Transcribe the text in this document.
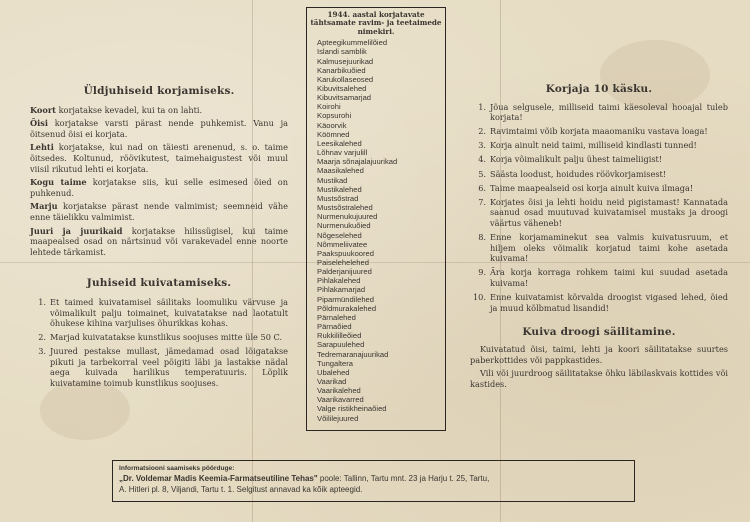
Üldjuhiseid korjamiseks.
Koort korjatakse kevadel, kui ta on lahti.
Õisi korjatakse varsti pärast nende puhkemist. Vanu ja õitsenud õisi ei korjata.
Lehti korjatakse, kui nad on täiesti arenenud, s. o. taime õitsedes. Koltunud, röövikutest, taimehaigustest või muul viisil rikutud lehti ei korjata.
Kogu taime korjatakse siis, kui selle esimesed õied on puhkenud.
Marju korjatakse pärast nende valmimist; seemneid vähe enne täielikku valmimist.
Juuri ja juurikaid korjatakse hilissügisel, kui taime maapealsed osad on närtsinud või varakevadel enne noorte lehtede tärkamist.
Juhiseid kuivatamiseks.
1. Et taimed kuivatamisel säilitaks loomuliku värvuse ja võimalikult palju toimainet, kuivatatakse nad laotatult õhukese kihina varjulises õhurikkas kohas.
2. Marjad kuivatatakse kunstlikus soojuses mitte üle 50 C.
3. Juured pestakse mullast, jämedamad osad lõigatakse pikuti ja tarbekorral veel põigiti läbi ja lastakse nädal aega kuivada harilikus temperatuuris. Lõplik kuivatamine toimub kunstlikus soojuses.
1944. aastal korjatavate tähtsamate ravim- ja teetaimede nimekiri.
Apteegikummelilõied
Islandi samblik
Kalmusejuurikad
Kanarbikuõied
Karukollaseosed
Kibuvitsalehed
Kibuvitsamarjad
Koirohi
Kopsurohi
Käoorvik
Köömned
Leesikalehed
Lõhnav varjulill
Maarja sõnajalajuurikad
Maasikalehed
Mustikad
Mustikalehed
Mustsõstrad
Mustsõstralehed
Nurmenukujuured
Nurmenukuõied
Nõgeselehed
Nõmmeliivatee
Paakspuukoored
Paiselehelehed
Palderjanijuured
Pihlakalehed
Pihlakamarjad
Piparmündilehed
Põldmurakalehed
Pärnalehed
Pärnaõied
Rukkililleõied
Sarapuulehed
Tedremaranajuurikad
Tungaltera
Ubalehed
Vaarikad
Vaarikalehed
Vaarikavarred
Valge ristikheinaõied
Võililejuured
Korjaja 10 käsku.
1. Jõua selgusele, milliseid taimi käesoleval hooajal tuleb korjata!
2. Ravimtaimi võib korjata maaomaniku vastava loaga!
3. Korja ainult neid taimi, milliseid kindlasti tunned!
4. Korja võimalikult palju ühest taimeliigist!
5. Säästa loodust, hoidudes röövkorjamisest!
6. Taime maapealseid osi korja ainult kuiva ilmaga!
7. Korjates õisi ja lehti hoidu neid pigistamast! Kannatada saanud osad muutuvad kuivatamisel mustaks ja droogi väärtus väheneb!
8. Enne korjamaminekut sea valmis kuivatusruum, et hiljem oleks võimalik korjatud taimi kohe asetada kuivama!
9. Ära korja korraga rohkem taimi kui suudad asetada kuivama!
10. Enne kuivatamist kõrvalda droogist vigased lehed, õied ja muud kõlbmatud lisandid!
Kuiva droogi säilitamine.
Kuivatatud õisi, taimi, lehti ja koori säilitatakse suurtes paberkottides või pappkastides.
Vili või juurdroog säilitatakse õhku läbilaskvais kottides või kastides.
Informatsiooni saamiseks pöörduge:
„Dr. Voldemar Madis Keemia-Farmatseutiline Tehas" poole: Tallinn, Tartu mnt. 23 ja Harju t. 25, Tartu,
A. Hitleri pl. 8, Viljandi, Tartu t. 1. Selgitust annavad ka kõik apteegid.
